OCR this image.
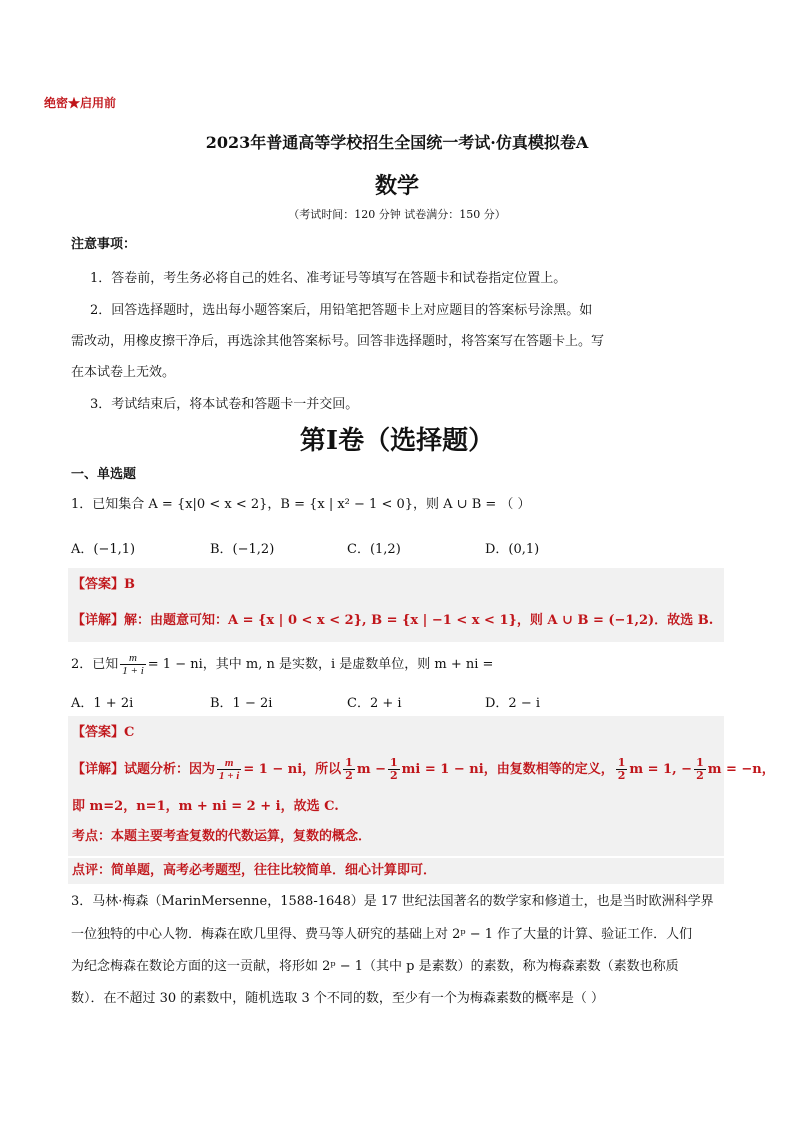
绝密★启用前
2023年普通高等学校招生全国统一考试·仿真模拟卷A
数学
（考试时间：120 分钟 试卷满分：150 分）
注意事项：
1．答卷前，考生务必将自己的姓名、准考证号等填写在答题卡和试卷指定位置上。
2．回答选择题时，选出每小题答案后，用铅笔把答题卡上对应题目的答案标号涂黑。如
需改动，用橡皮擦干净后，再选涂其他答案标号。回答非选择题时，将答案写在答题卡上。写
在本试卷上无效。
3．考试结束后，将本试卷和答题卡一并交回。
第Ⅰ卷（选择题）
一、单选题
1．已知集合 A = {x|0 < x < 2}，B = {x | x² − 1 < 0}，则 A ∪ B = （ ）
A．(−1,1)	B．(−1,2)	C．(1,2)	D．(0,1)
【答案】B
【详解】解：由题意可知：A = {x | 0 < x < 2}, B = {x | −1 < x < 1}，则 A ∪ B = (−1,2)．故选 B.
2．已知 $\frac{m}{1 + i} = 1$ − ni，其中 m, n 是实数，i 是虚数单位，则 m + ni =
A．1 + 2i	B．1 − 2i	C．2 + i	D．2 − i
【答案】C
【详解】试题分析：因为 $\frac{m}{1 + i} = 1$ − ni，所以 $\frac{1}{2}$ $m - \frac{1}{2}$ mi = 1 − ni，由复数相等的定义， $\frac{1}{2}$ m = 1, − $\frac{1}{2}$ m = −n，
即 m=2，n=1，m + ni = 2 + i，故选 C.
考点：本题主要考查复数的代数运算，复数的概念．
点评：简单题，高考必考题型，往往比较简单．细心计算即可．
3．马林·梅森（MarinMersenne，1588-1648）是 17 世纪法国著名的数学家和修道士，也是当时欧洲科学界
一位独特的中心人物．梅森在欧几里得、费马等人研究的基础上对 2ᵖ − 1 作了大量的计算、验证工作．人们
为纪念梅森在数论方面的这一贡献，将形如 2ᵖ − 1（其中 p 是素数）的素数，称为梅森素数（素数也称质
数）．在不超过 30 的素数中，随机选取 3 个不同的数，至少有一个为梅森素数的概率是（ ）
